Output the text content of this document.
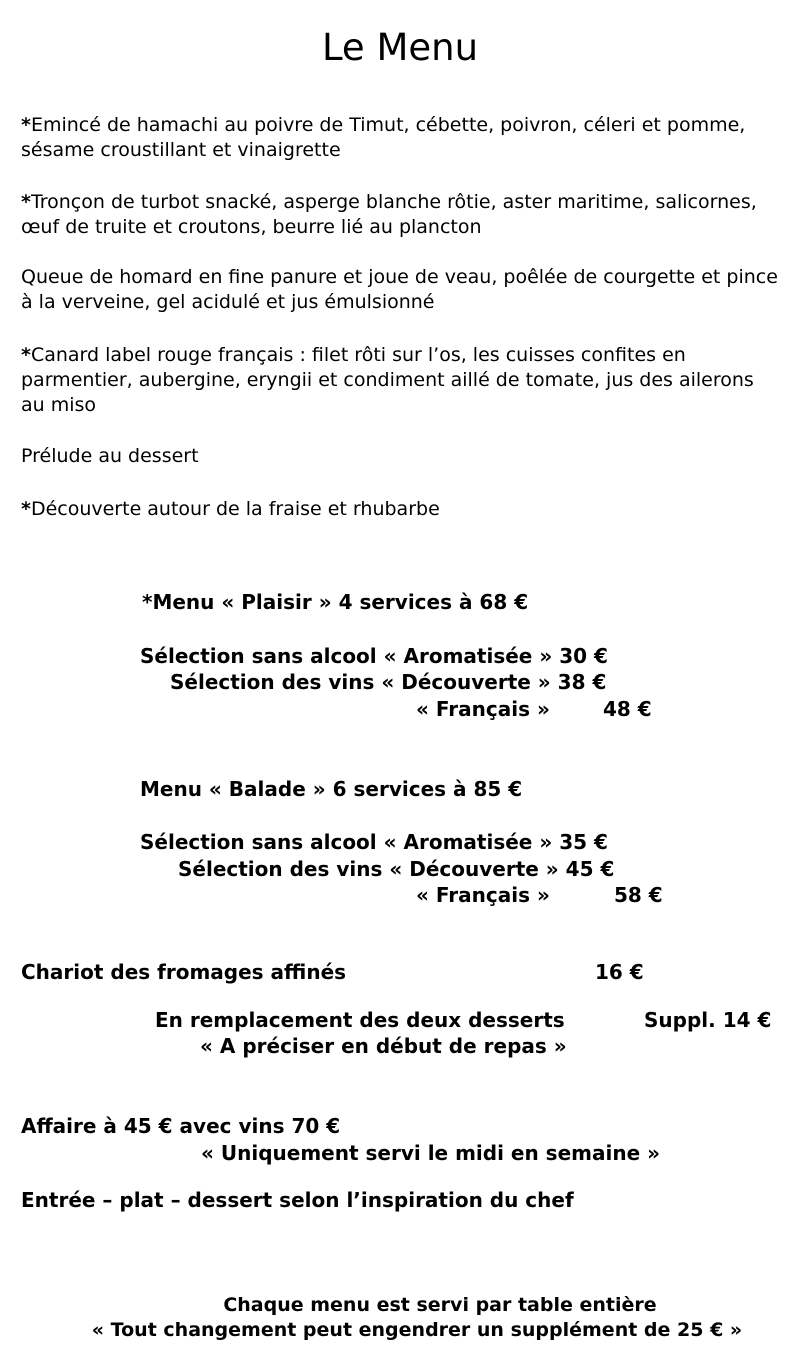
Le Menu
*Emincé de hamachi au poivre de Timut, cébette, poivron, céleri et pomme, sésame croustillant et vinaigrette
*Tronçon de turbot snacké, asperge blanche rôtie, aster maritime, salicornes, œuf de truite et croutons, beurre lié au plancton
Queue de homard en fine panure et joue de veau, poêlée de courgette et pince à la verveine, gel acidulé et jus émulsionné
*Canard label rouge français : filet rôti sur l’os, les cuisses confites en parmentier, aubergine, eryngii et condiment aillé de tomate, jus des ailerons au miso
Prélude au dessert
*Découverte autour de la fraise et rhubarbe
*Menu « Plaisir » 4 services à 68 €
Sélection sans alcool « Aromatisée » 30 €
Sélection des vins « Découverte » 38 €
« Français »	48 €
Menu « Balade » 6 services à 85 €
Sélection sans alcool « Aromatisée » 35 €
Sélection des vins « Découverte » 45 €
« Français »	58 €
Chariot des fromages affinés	16 €
En remplacement des deux desserts	Suppl. 14 €
« A préciser en début de repas »
Affaire à 45 € avec vins 70 €
« Uniquement servi le midi en semaine »
Entrée – plat – dessert selon l’inspiration du chef
Chaque menu est servi par table entière
« Tout changement peut engendrer un supplément de 25 € »
